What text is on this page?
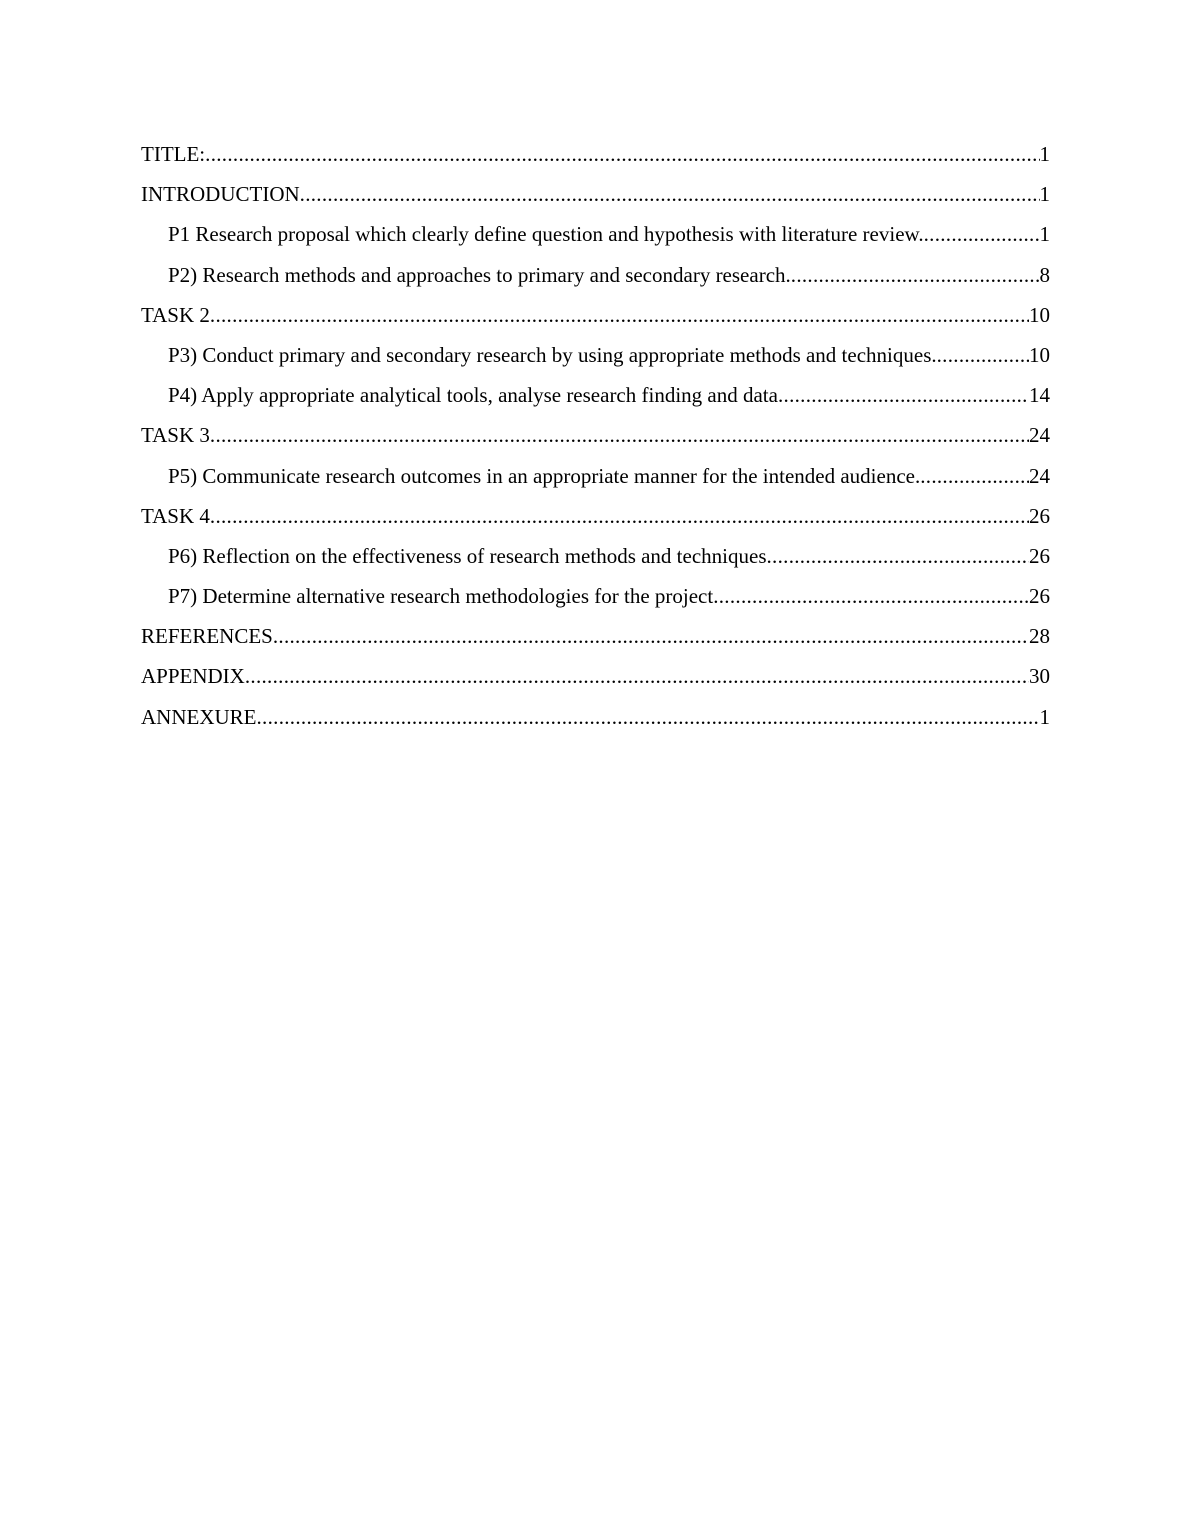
TITLE: .....	1
INTRODUCTION .....	1
P1 Research proposal which clearly define question and hypothesis with literature review. .....	1
P2) Research methods and approaches to primary and secondary research. .....	8
TASK 2 .....	10
P3) Conduct primary and secondary research by using appropriate methods and techniques. .....	10
P4) Apply appropriate analytical tools, analyse research finding and data .....	14
TASK 3 .....	24
P5) Communicate research outcomes in an appropriate manner for the intended audience. .....	24
TASK 4 .....	26
P6) Reflection on the effectiveness of research methods and techniques .....	26
P7) Determine alternative research methodologies for the project .....	26
REFERENCES .....	28
APPENDIX .....	30
ANNEXURE .....	1
